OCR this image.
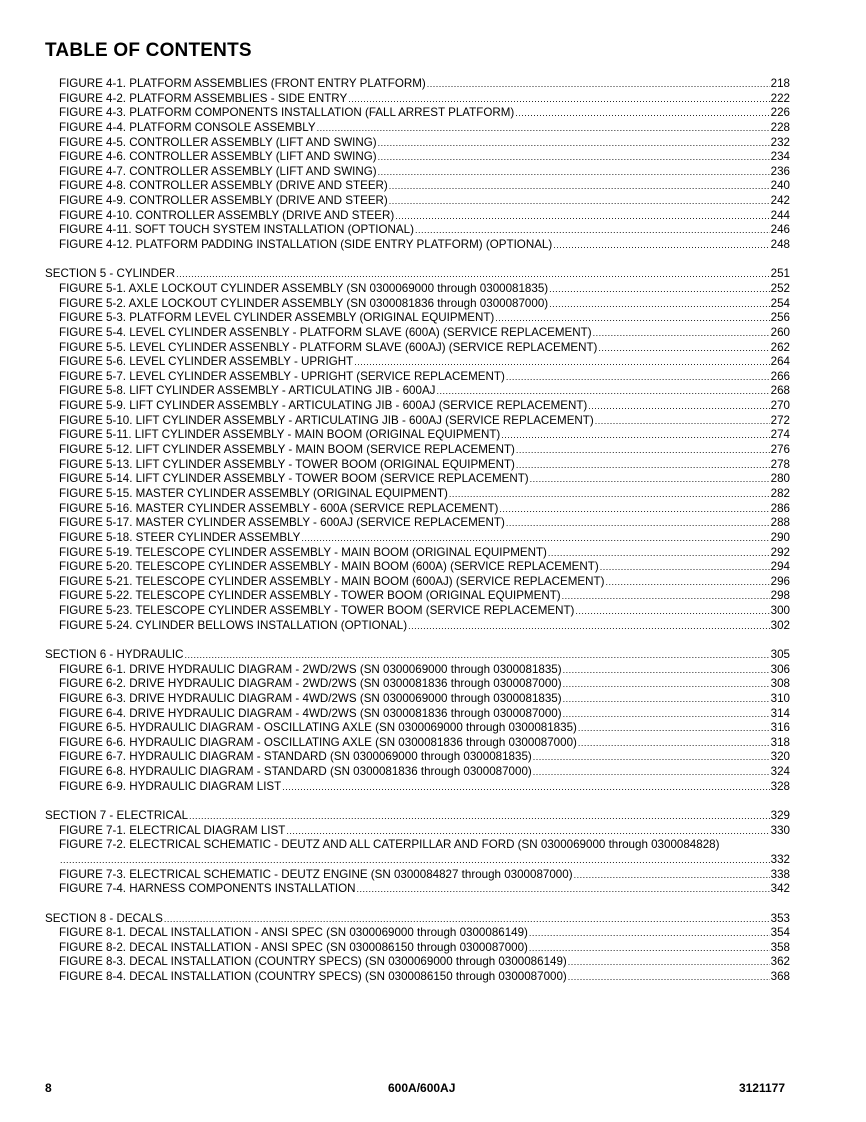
TABLE OF CONTENTS
FIGURE 4-1. PLATFORM ASSEMBLIES (FRONT ENTRY PLATFORM) .....	218
FIGURE 4-2. PLATFORM ASSEMBLIES - SIDE ENTRY .....	222
FIGURE 4-3. PLATFORM COMPONENTS INSTALLATION (FALL ARREST PLATFORM) .....	226
FIGURE 4-4. PLATFORM CONSOLE ASSEMBLY .....	228
FIGURE 4-5. CONTROLLER ASSEMBLY (LIFT AND SWING) .....	232
FIGURE 4-6. CONTROLLER ASSEMBLY (LIFT AND SWING) .....	234
FIGURE 4-7. CONTROLLER ASSEMBLY (LIFT AND SWING) .....	236
FIGURE 4-8. CONTROLLER ASSEMBLY (DRIVE AND STEER) .....	240
FIGURE 4-9. CONTROLLER ASSEMBLY (DRIVE AND STEER) .....	242
FIGURE 4-10. CONTROLLER ASSEMBLY (DRIVE AND STEER) .....	244
FIGURE 4-11. SOFT TOUCH SYSTEM INSTALLATION (OPTIONAL) .....	246
FIGURE 4-12. PLATFORM PADDING INSTALLATION (SIDE ENTRY PLATFORM) (OPTIONAL) .....	248
SECTION 5 - CYLINDER .....	251
FIGURE 5-1. AXLE LOCKOUT CYLINDER ASSEMBLY (SN 0300069000 through 0300081835) .....	252
FIGURE 5-2. AXLE LOCKOUT CYLINDER ASSEMBLY (SN 0300081836 through 0300087000) .....	254
FIGURE 5-3. PLATFORM LEVEL CYLINDER ASSEMBLY (ORIGINAL EQUIPMENT) .....	256
FIGURE 5-4. LEVEL CYLINDER ASSENBLY - PLATFORM SLAVE (600A) (SERVICE REPLACEMENT) .....	260
FIGURE 5-5. LEVEL CYLINDER ASSENBLY - PLATFORM SLAVE (600AJ) (SERVICE REPLACEMENT) .....	262
FIGURE 5-6. LEVEL CYLINDER ASSEMBLY - UPRIGHT .....	264
FIGURE 5-7. LEVEL CYLINDER ASSEMBLY - UPRIGHT (SERVICE REPLACEMENT) .....	266
FIGURE 5-8. LIFT CYLINDER ASSEMBLY - ARTICULATING JIB - 600AJ .....	268
FIGURE 5-9. LIFT CYLINDER ASSEMBLY - ARTICULATING JIB - 600AJ (SERVICE REPLACEMENT) .....	270
FIGURE 5-10. LIFT CYLINDER ASSEMBLY - ARTICULATING JIB - 600AJ (SERVICE REPLACEMENT) .....	272
FIGURE 5-11. LIFT CYLINDER ASSEMBLY - MAIN BOOM (ORIGINAL EQUIPMENT) .....	274
FIGURE 5-12. LIFT CYLINDER ASSEMBLY - MAIN BOOM (SERVICE REPLACEMENT) .....	276
FIGURE 5-13. LIFT CYLINDER ASSEMBLY - TOWER BOOM (ORIGINAL EQUIPMENT) .....	278
FIGURE 5-14. LIFT CYLINDER ASSEMBLY - TOWER BOOM (SERVICE REPLACEMENT) .....	280
FIGURE 5-15. MASTER CYLINDER ASSEMBLY (ORIGINAL EQUIPMENT) .....	282
FIGURE 5-16. MASTER CYLINDER ASSEMBLY - 600A (SERVICE REPLACEMENT) .....	286
FIGURE 5-17. MASTER CYLINDER ASSEMBLY - 600AJ (SERVICE REPLACEMENT) .....	288
FIGURE 5-18. STEER CYLINDER ASSEMBLY .....	290
FIGURE 5-19. TELESCOPE CYLINDER ASSEMBLY - MAIN BOOM (ORIGINAL EQUIPMENT) .....	292
FIGURE 5-20. TELESCOPE CYLINDER ASSEMBLY - MAIN BOOM (600A) (SERVICE REPLACEMENT) .....	294
FIGURE 5-21. TELESCOPE CYLINDER ASSEMBLY - MAIN BOOM (600AJ) (SERVICE REPLACEMENT) .....	296
FIGURE 5-22. TELESCOPE CYLINDER ASSEMBLY - TOWER BOOM (ORIGINAL EQUIPMENT) .....	298
FIGURE 5-23. TELESCOPE CYLINDER ASSEMBLY - TOWER BOOM (SERVICE REPLACEMENT) .....	300
FIGURE 5-24. CYLINDER BELLOWS INSTALLATION (OPTIONAL) .....	302
SECTION 6 - HYDRAULIC .....	305
FIGURE 6-1. DRIVE HYDRAULIC DIAGRAM - 2WD/2WS (SN 0300069000 through 0300081835) .....	306
FIGURE 6-2. DRIVE HYDRAULIC DIAGRAM - 2WD/2WS (SN 0300081836 through 0300087000) .....	308
FIGURE 6-3. DRIVE HYDRAULIC DIAGRAM - 4WD/2WS (SN 0300069000 through 0300081835) .....	310
FIGURE 6-4. DRIVE HYDRAULIC DIAGRAM - 4WD/2WS (SN 0300081836 through 0300087000) .....	314
FIGURE 6-5. HYDRAULIC DIAGRAM - OSCILLATING AXLE (SN 0300069000 through 0300081835) .....	316
FIGURE 6-6. HYDRAULIC DIAGRAM - OSCILLATING AXLE (SN 0300081836 through 0300087000) .....	318
FIGURE 6-7. HYDRAULIC DIAGRAM - STANDARD (SN 0300069000 through 0300081835) .....	320
FIGURE 6-8. HYDRAULIC DIAGRAM - STANDARD (SN 0300081836 through 0300087000) .....	324
FIGURE 6-9. HYDRAULIC DIAGRAM LIST .....	328
SECTION 7 - ELECTRICAL .....	329
FIGURE 7-1. ELECTRICAL DIAGRAM LIST .....	330
FIGURE 7-2. ELECTRICAL SCHEMATIC - DEUTZ AND ALL CATERPILLAR AND FORD (SN 0300069000 through 0300084828)
.....
332
FIGURE 7-3. ELECTRICAL SCHEMATIC - DEUTZ ENGINE (SN 0300084827 through 0300087000) .....	338
FIGURE 7-4. HARNESS COMPONENTS INSTALLATION .....	342
SECTION 8 - DECALS .....	353
FIGURE 8-1. DECAL INSTALLATION - ANSI SPEC (SN 0300069000 through 0300086149) .....	354
FIGURE 8-2. DECAL INSTALLATION - ANSI SPEC (SN 0300086150 through 0300087000) .....	358
FIGURE 8-3. DECAL INSTALLATION (COUNTRY SPECS) (SN 0300069000 through 0300086149) .....	362
FIGURE 8-4. DECAL INSTALLATION (COUNTRY SPECS) (SN 0300086150 through 0300087000) .....	368
8	600A/600AJ	3121177
